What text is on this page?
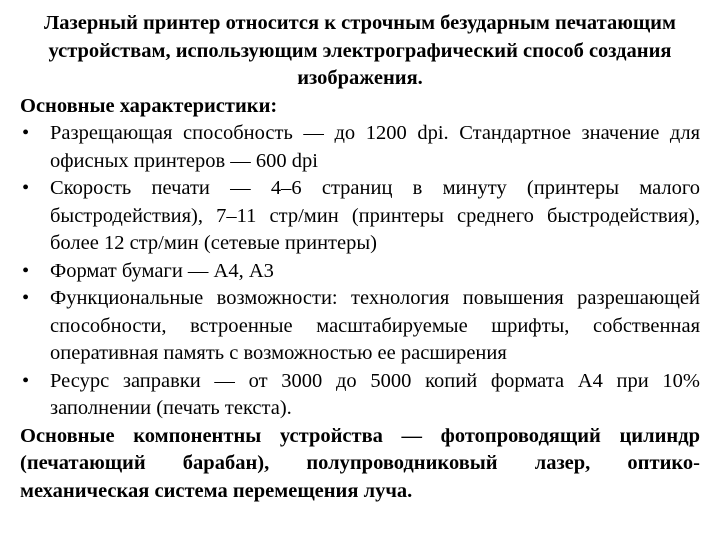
Лазерный принтер относится к строчным безударным печатающим устройствам, использующим электрографический способ создания изображения.

Основные характеристики:

• Разрещающая способность — до 1200 dpi. Стандартное значение для офисных принтеров — 600 dpi
• Скорость печати — 4–6 страниц в минуту (принтеры малого быстродействия), 7–11 стр/мин (принтеры среднего быстродействия), более 12 стр/мин (сетевые принтеры)
• Формат бумаги — А4, А3
• Функциональные возможности: технология повышения разрешающей способности, встроенные масштабируемые шрифты, собственная оперативная память с возможностью ее расширения
• Ресурс заправки — от 3000 до 5000 копий формата А4 при 10% заполнении (печать текста).

Основные компонентны устройства — фотопроводящий цилиндр (печатающий барабан), полупроводниковый лазер, оптико-механическая система перемещения луча.
